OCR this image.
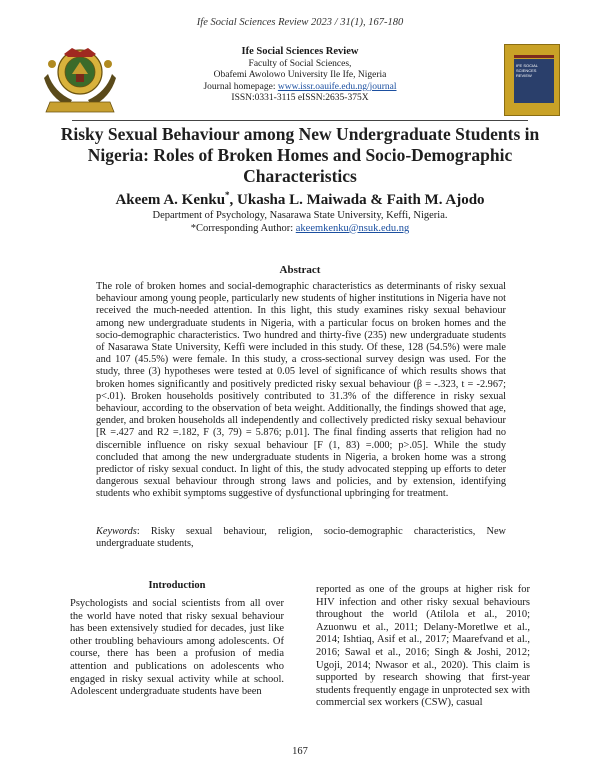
Ife Social Sciences Review 2023 / 31(1), 167-180
Ife Social Sciences Review
Faculty of Social Sciences,
Obafemi Awolowo University Ile Ife, Nigeria
Journal homepage: www.issr.oauife.edu.ng/journal
ISSN:0331-3115 eISSN:2635-375X
IFE SOCIAL SCIENCES REVIEW
Risky Sexual Behaviour among New Undergraduate Students in Nigeria: Roles of Broken Homes and Socio-Demographic Characteristics
Akeem A. Kenku*, Ukasha L. Maiwada & Faith M. Ajodo
Department of Psychology, Nasarawa State University, Keffi, Nigeria.
*Corresponding Author: akeemkenku@nsuk.edu.ng
Abstract
The role of broken homes and social-demographic characteristics as determinants of risky sexual behaviour among young people, particularly new students of higher institutions in Nigeria have not received the much-needed attention. In this light, this study examines risky sexual behaviour among new undergraduate students in Nigeria, with a particular focus on broken homes and the socio-demographic characteristics. Two hundred and thirty-five (235) new undergraduate students of Nasarawa State University, Keffi were included in this study. Of these, 128 (54.5%) were male and 107 (45.5%) were female. In this study, a cross-sectional survey design was used. For the study, three (3) hypotheses were tested at 0.05 level of significance of which results shows that broken homes significantly and positively predicted risky sexual behaviour (β = -.323, t = -2.967; p<.01). Broken households positively contributed to 31.3% of the difference in risky sexual behaviour, according to the observation of beta weight. Additionally, the findings showed that age, gender, and broken households all independently and collectively predicted risky sexual behaviour [R =.427 and R2 =.182, F (3, 79) = 5.876; p.01]. The final finding asserts that religion had no discernible influence on risky sexual behaviour [F (1, 83) =.000; p>.05]. While the study concluded that among the new undergraduate students in Nigeria, a broken home was a strong predictor of risky sexual conduct. In light of this, the study advocated stepping up efforts to deter dangerous sexual behaviour through strong laws and policies, and by extension, identifying students who exhibit symptoms suggestive of dysfunctional upbringing for treatment.
Keywords: Risky sexual behaviour, religion, socio-demographic characteristics, New undergraduate students,
Introduction
Psychologists and social scientists from all over the world have noted that risky sexual behaviour has been extensively studied for decades, just like other troubling behaviours among adolescents. Of course, there has been a profusion of media attention and publications on adolescents who engaged in risky sexual activity while at school. Adolescent undergraduate students have been
reported as one of the groups at higher risk for HIV infection and other risky sexual behaviours throughout the world (Atilola et al., 2010; Azuonwu et al., 2011; Delany-Moretlwe et al., 2014; Ishtiaq, Asif et al., 2017; Maarefvand et al., 2016; Sawal et al., 2016; Singh & Joshi, 2012; Ugoji, 2014; Nwasor et al., 2020). This claim is supported by research showing that first-year students frequently engage in unprotected sex with commercial sex workers (CSW), casual
167
